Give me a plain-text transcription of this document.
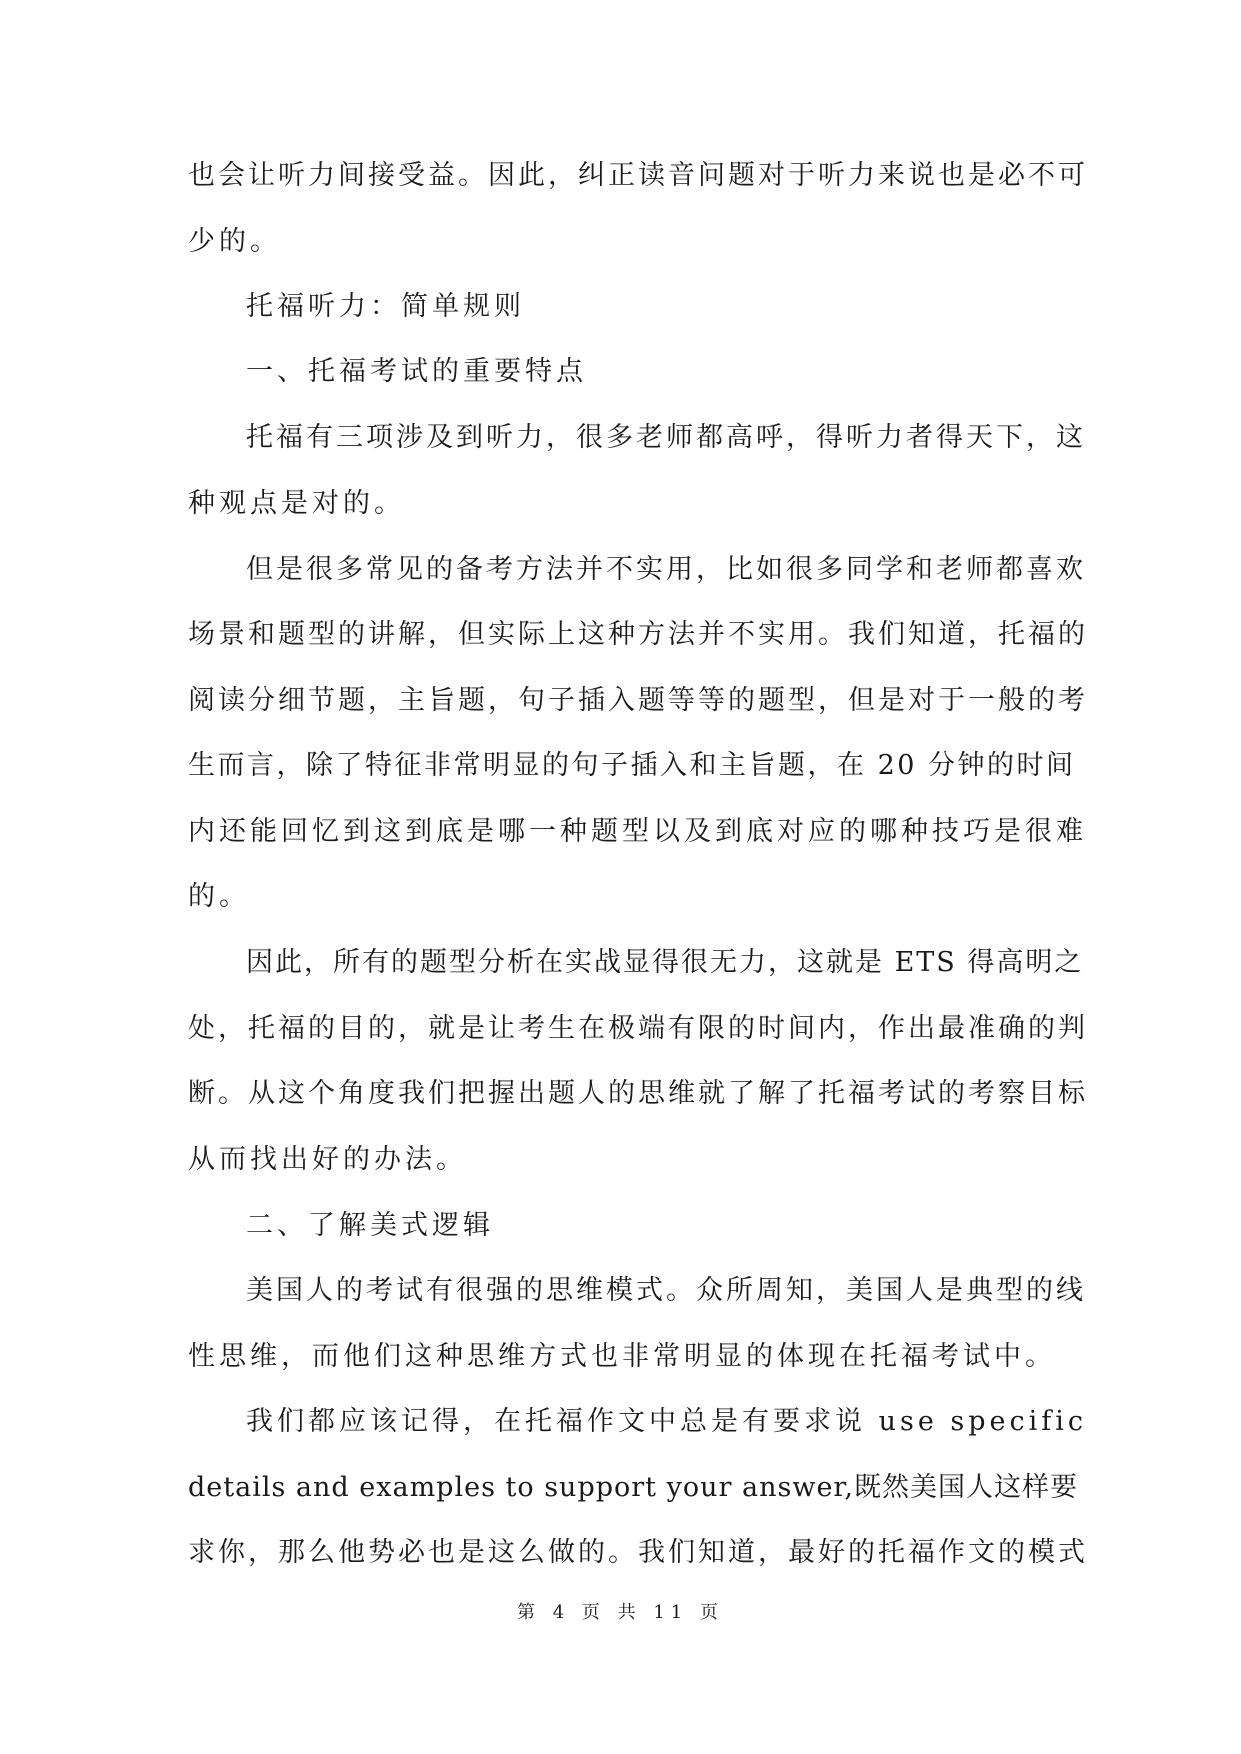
也会让听力间接受益。因此，纠正读音问题对于听力来说也是必不可
少的。
托福听力：简单规则
一、托福考试的重要特点
托福有三项涉及到听力，很多老师都高呼，得听力者得天下，这
种观点是对的。
但是很多常见的备考方法并不实用，比如很多同学和老师都喜欢
场景和题型的讲解，但实际上这种方法并不实用。我们知道，托福的
阅读分细节题，主旨题，句子插入题等等的题型，但是对于一般的考
生而言，除了特征非常明显的句子插入和主旨题，在 20 分钟的时间
内还能回忆到这到底是哪一种题型以及到底对应的哪种技巧是很难
的。
因此，所有的题型分析在实战显得很无力，这就是 ETS 得高明之
处，托福的目的，就是让考生在极端有限的时间内，作出最准确的判
断。从这个角度我们把握出题人的思维就了解了托福考试的考察目标
从而找出好的办法。
二、了解美式逻辑
美国人的考试有很强的思维模式。众所周知，美国人是典型的线
性思维，而他们这种思维方式也非常明显的体现在托福考试中。
我们都应该记得，在托福作文中总是有要求说 use specific
details and examples to support your answer,既然美国人这样要
求你，那么他势必也是这么做的。我们知道，最好的托福作文的模式
第 4 页 共 11 页
